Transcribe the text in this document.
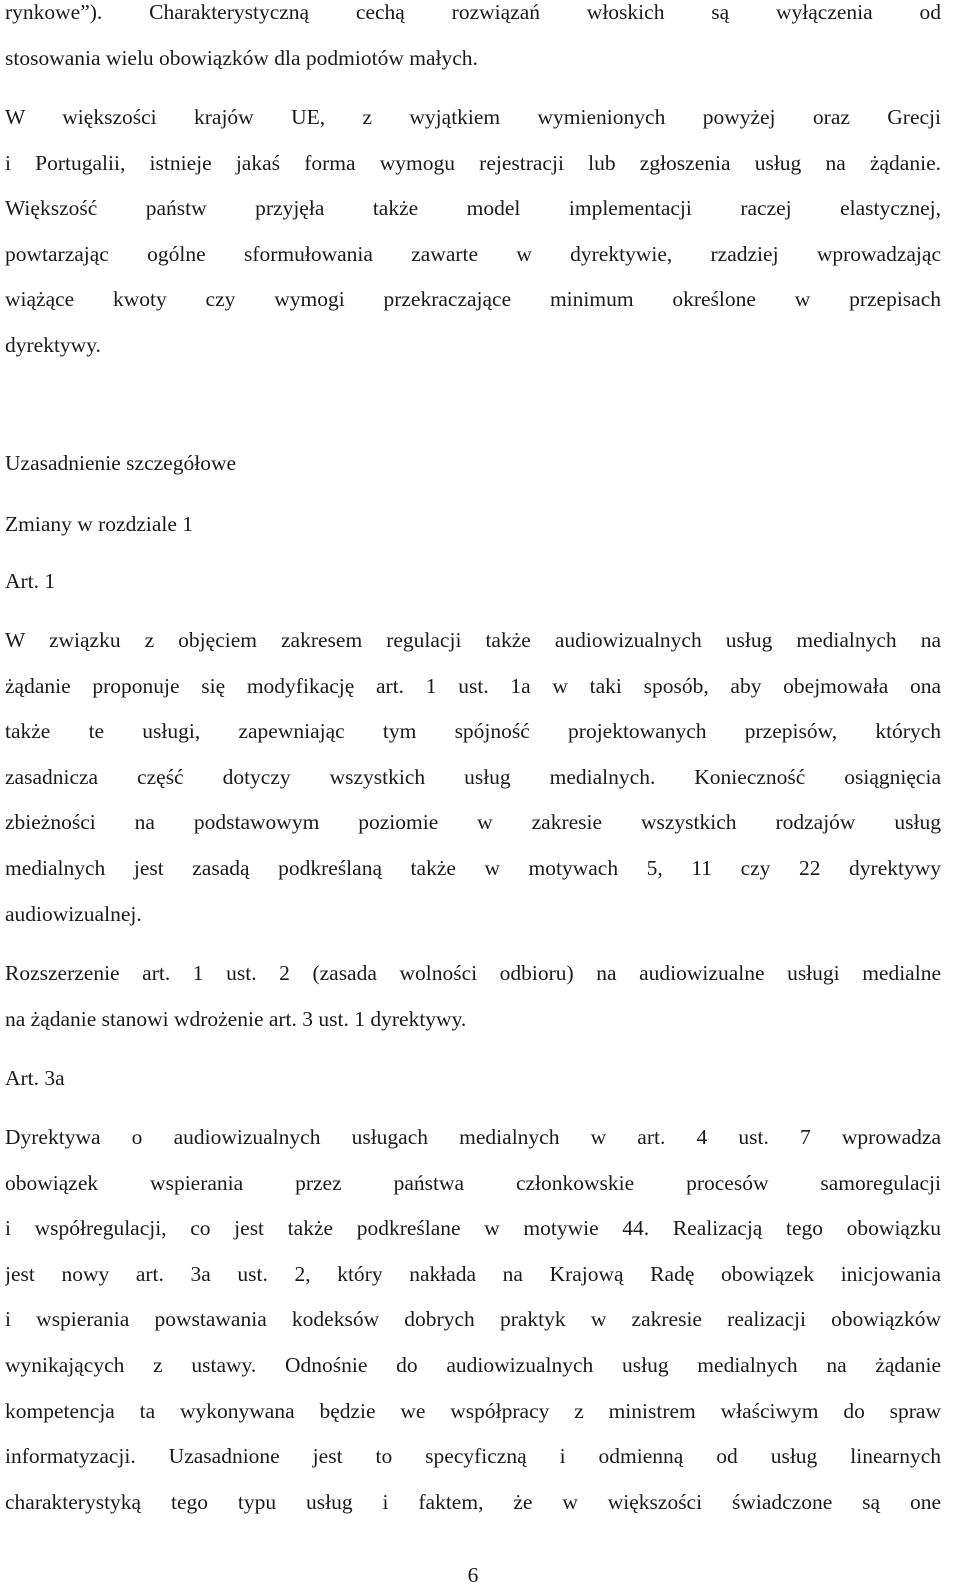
rynkowe”). Charakterystyczną cechą rozwiązań włoskich są wyłączenia od
stosowania wielu obowiązków dla podmiotów małych.
W większości krajów UE, z wyjątkiem wymienionych powyżej oraz Grecji
i Portugalii, istnieje jakaś forma wymogu rejestracji lub zgłoszenia usług na żądanie.
Większość państw przyjęła także model implementacji raczej elastycznej,
powtarzając ogólne sformułowania zawarte w dyrektywie, rzadziej wprowadzając
wiążące kwoty czy wymogi przekraczające minimum określone w przepisach
dyrektywy.
Uzasadnienie szczegółowe
Zmiany w rozdziale 1
Art. 1
W związku z objęciem zakresem regulacji także audiowizualnych usług medialnych na
żądanie proponuje się modyfikację art. 1 ust. 1a w taki sposób, aby obejmowała ona
także te usługi, zapewniając tym spójność projektowanych przepisów, których
zasadnicza część dotyczy wszystkich usług medialnych. Konieczność osiągnięcia
zbieżności na podstawowym poziomie w zakresie wszystkich rodzajów usług
medialnych jest zasadą podkreślaną także w motywach 5, 11 czy 22 dyrektywy
audiowizualnej.
Rozszerzenie art. 1 ust. 2 (zasada wolności odbioru) na audiowizualne usługi medialne
na żądanie stanowi wdrożenie art. 3 ust. 1 dyrektywy.
Art. 3a
Dyrektywa o audiowizualnych usługach medialnych w art. 4 ust. 7 wprowadza
obowiązek wspierania przez państwa członkowskie procesów samoregulacji
i współregulacji, co jest także podkreślane w motywie 44. Realizacją tego obowiązku
jest nowy art. 3a ust. 2, który nakłada na Krajową Radę obowiązek inicjowania
i wspierania powstawania kodeksów dobrych praktyk w zakresie realizacji obowiązków
wynikających z ustawy. Odnośnie do audiowizualnych usług medialnych na żądanie
kompetencja ta wykonywana będzie we współpracy z ministrem właściwym do spraw
informatyzacji. Uzasadnione jest to specyficzną i odmienną od usług linearnych
charakterystyką tego typu usług i faktem, że w większości świadczone są one
6
